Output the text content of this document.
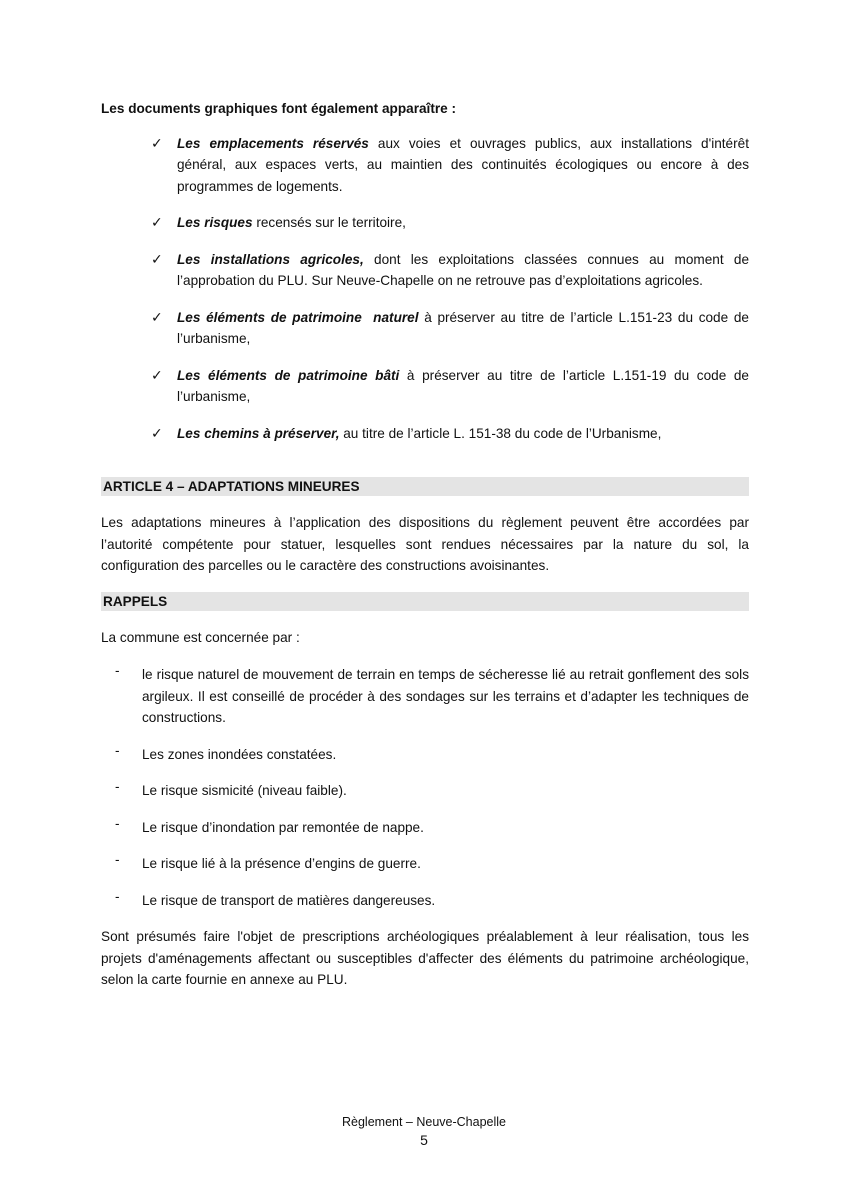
Les documents graphiques font également apparaître :

✓ Les emplacements réservés aux voies et ouvrages publics, aux installations d'intérêt général, aux espaces verts, au maintien des continuités écologiques ou encore à des programmes de logements.
✓ Les risques recensés sur le territoire,
✓ Les installations agricoles, dont les exploitations classées connues au moment de l’approbation du PLU. Sur Neuve-Chapelle on ne retrouve pas d’exploitations agricoles.
✓ Les éléments de patrimoine  naturel à préserver au titre de l’article L.151-23 du code de l’urbanisme,
✓ Les éléments de patrimoine bâti à préserver au titre de l’article L.151-19 du code de l’urbanisme,
✓ Les chemins à préserver, au titre de l’article L. 151-38 du code de l’Urbanisme,
ARTICLE 4 – ADAPTATIONS MINEURES

Les adaptations mineures à l’application des dispositions du règlement peuvent être accordées par l’autorité compétente pour statuer, lesquelles sont rendues nécessaires par la nature du sol, la configuration des parcelles ou le caractère des constructions avoisinantes.

RAPPELS

La commune est concernée par :

- le risque naturel de mouvement de terrain en temps de sécheresse lié au retrait gonflement des sols argileux. Il est conseillé de procéder à des sondages sur les terrains et d’adapter les techniques de constructions.
- Les zones inondées constatées.
- Le risque sismicité (niveau faible).
- Le risque d’inondation par remontée de nappe.
- Le risque lié à la présence d’engins de guerre.
- Le risque de transport de matières dangereuses.

Sont présumés faire l'objet de prescriptions archéologiques préalablement à leur réalisation, tous les projets d'aménagements affectant ou susceptibles d'affecter des éléments du patrimoine archéologique, selon la carte fournie en annexe au PLU.

Règlement – Neuve-Chapelle
5
